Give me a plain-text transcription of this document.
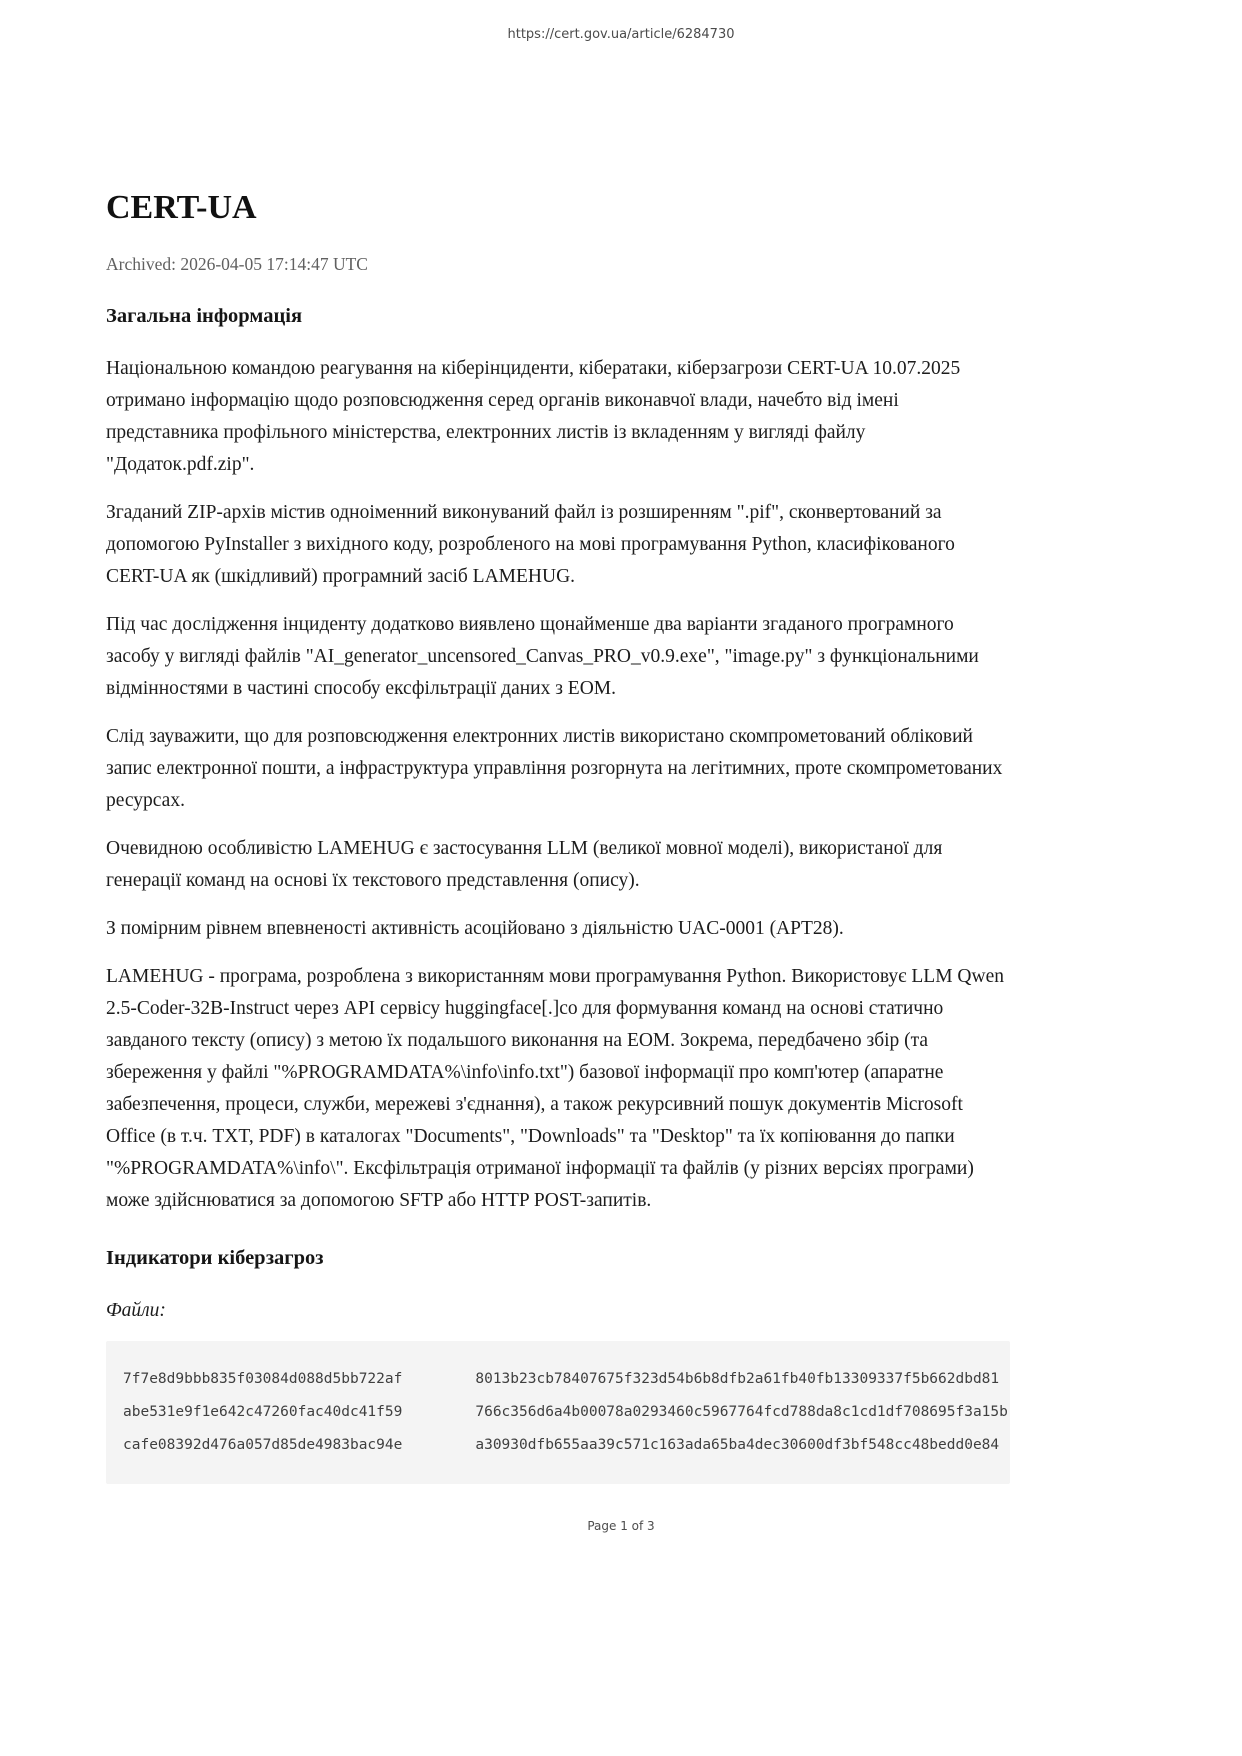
https://cert.gov.ua/article/6284730
CERT-UA
Archived: 2026-04-05 17:14:47 UTC
Загальна інформація

Національною командою реагування на кіберінциденти, кібератаки, кіберзагрози CERT-UA 10.07.2025 отримано інформацію щодо розповсюдження серед органів виконавчої влади, начебто від імені представника профільного міністерства, електронних листів із вкладенням у вигляді файлу "Додаток.pdf.zip".

Згаданий ZIP-архів містив одноіменний виконуваний файл із розширенням ".pif", сконвертований за допомогою PyInstaller з вихідного коду, розробленого на мові програмування Python, класифікованого CERT-UA як (шкідливий) програмний засіб LAMEHUG.

Під час дослідження інциденту додатково виявлено щонайменше два варіанти згаданого програмного засобу у вигляді файлів "AI_generator_uncensored_Canvas_PRO_v0.9.exe", "image.py" з функціональними відмінностями в частині способу ексфільтрації даних з ЕОМ.

Слід зауважити, що для розповсюдження електронних листів використано скомпрометований обліковий запис електронної пошти, а інфраструктура управління розгорнута на легітимних, проте скомпрометованих ресурсах.

Очевидною особливістю LAMEHUG є застосування LLM (великої мовної моделі), використаної для генерації команд на основі їх текстового представлення (опису).

З помірним рівнем впевненості активність асоційовано з діяльністю UAC-0001 (APT28).

LAMEHUG - програма, розроблена з використанням мови програмування Python. Використовує LLM Qwen 2.5-Coder-32B-Instruct через API сервісу huggingface[.]co для формування команд на основі статично завданого тексту (опису) з метою їх подальшого виконання на ЕОМ. Зокрема, передбачено збір (та збереження у файлі "%PROGRAMDATA%\info\info.txt") базової інформації про комп'ютер (апаратне забезпечення, процеси, служби, мережеві з'єднання), а також рекурсивний пошук документів Microsoft Office (в т.ч. TXT, PDF) в каталогах "Documents", "Downloads" та "Desktop" та їх копіювання до папки "%PROGRAMDATA%\info\". Ексфільтрація отриманої інформації та файлів (у різних версіях програми) може здійснюватися за допомогою SFTP або HTTP POST-запитів.

Індикатори кіберзагроз

Файли:

7f7e8d9bbb835f03084d088d5bb722af
abe531e9f1e642c47260fac40dc41f59
cafe08392d476a057d85de4983bac94e
8013b23cb78407675f323d54b6b8dfb2a61fb40fb13309337f5b662dbd81
766c356d6a4b00078a0293460c5967764fcd788da8c1cd1df708695f3a15b
a30930dfb655aa39c571c163ada65ba4dec30600df3bf548cc48bedd0e84
Page 1 of 3
